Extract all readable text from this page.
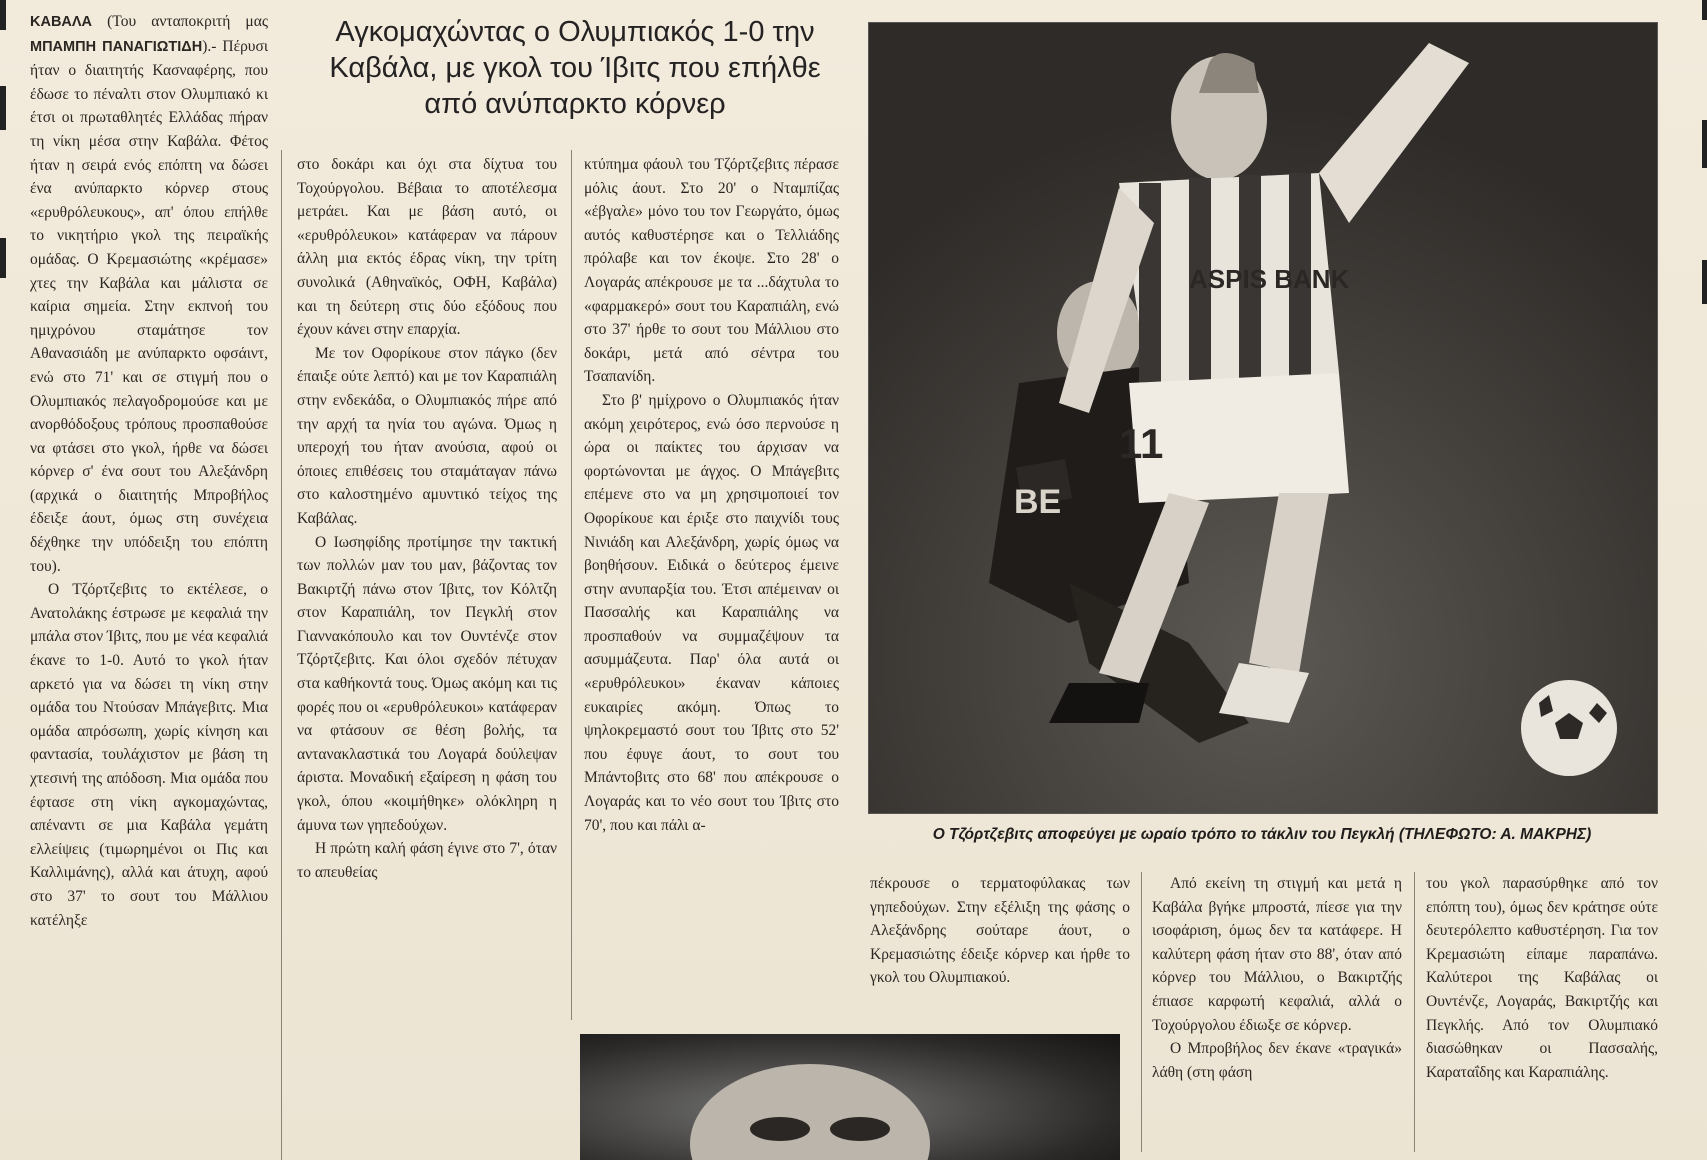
ΚΑΒΑΛΑ (Του ανταποκριτή μας ΜΠΑΜΠΗ ΠΑΝΑΓΙΩΤΙΔΗ).- Πέρυσι ήταν ο διαιτητής Κασναφέρης, που έδωσε το πέναλτι στον Ολυμπιακό κι έτσι οι πρωταθλητές Ελλάδας πήραν τη νίκη μέσα στην Καβάλα. Φέτος ήταν η σειρά ενός επόπτη να δώσει ένα ανύπαρκτο κόρνερ στους «ερυθρόλευκους», απ' όπου επήλθε το νικητήριο γκολ της πειραϊκής ομάδας. Ο Κρεμασιώτης «κρέμασε» χτες την Καβάλα και μάλιστα σε καίρια σημεία. Στην εκπνοή του ημιχρόνου σταμάτησε τον Αθανασιάδη με ανύπαρκτο οφσάιντ, ενώ στο 71' και σε στιγμή που ο Ολυμπιακός πελαγοδρομούσε και με ανορθόδοξους τρόπους προσπαθούσε να φτάσει στο γκολ, ήρθε να δώσει κόρνερ σ' ένα σουτ του Αλεξάνδρη (αρχικά ο διαιτητής Μπροβήλος έδειξε άουτ, όμως στη συνέχεια δέχθηκε την υπόδειξη του επόπτη του).

Ο Τζόρτζεβιτς το εκτέλεσε, ο Ανατολάκης έστρωσε με κεφαλιά την μπάλα στον Ίβιτς, που με νέα κεφαλιά έκανε το 1-0. Αυτό το γκολ ήταν αρκετό για να δώσει τη νίκη στην ομάδα του Ντούσαν Μπάγεβιτς. Μια ομάδα απρόσωπη, χωρίς κίνηση και φαντασία, τουλάχιστον με βάση τη χτεσινή της απόδοση. Μια ομάδα που έφτασε στη νίκη αγκομαχώντας, απέναντι σε μια Καβάλα γεμάτη ελλείψεις (τιμωρημένοι οι Πις και Καλλιμάνης), αλλά και άτυχη, αφού στο 37' το σουτ του Μάλλιου κατέληξε

Αγκομαχώντας ο Ολυμπιακός 1-0 την Καβάλα, με γκολ του Ίβιτς που επήλθε από ανύπαρκτο κόρνερ

στο δοκάρι και όχι στα δίχτυα του Τοχούργολου. Βέβαια το αποτέλεσμα μετράει. Και με βάση αυτό, οι «ερυθρόλευκοι» κατάφεραν να πάρουν άλλη μια εκτός έδρας νίκη, την τρίτη συνολικά (Αθηναϊκός, ΟΦΗ, Καβάλα) και τη δεύτερη στις δύο εξόδους που έχουν κάνει στην επαρχία.

Με τον Οφορίκουε στον πάγκο (δεν έπαιξε ούτε λεπτό) και με τον Καραπιάλη στην ενδεκάδα, ο Ολυμπιακός πήρε από την αρχή τα ηνία του αγώνα. Όμως η υπεροχή του ήταν ανούσια, αφού οι όποιες επιθέσεις του σταμάταγαν πάνω στο καλοστημένο αμυντικό τείχος της Καβάλας.

Ο Ιωσηφίδης προτίμησε την τακτική των πολλών μαν του μαν, βάζοντας τον Βακιρτζή πάνω στον Ίβιτς, τον Κόλτζη στον Καραπιάλη, τον Πεγκλή στον Γιαννακόπουλο και τον Ουντένζε στον Τζόρτζεβιτς. Και όλοι σχεδόν πέτυχαν στα καθήκοντά τους. Όμως ακόμη και τις φορές που οι «ερυθρόλευκοι» κατάφεραν να φτάσουν σε θέση βολής, τα αντανακλαστικά του Λογαρά δούλεψαν άριστα. Μοναδική εξαίρεση η φάση του γκολ, όπου «κοιμήθηκε» ολόκληρη η άμυνα των γηπεδούχων.

Η πρώτη καλή φάση έγινε στο 7', όταν το απευθείας

κτύπημα φάουλ του Τζόρτζεβιτς πέρασε μόλις άουτ. Στο 20' ο Νταμπίζας «έβγαλε» μόνο του τον Γεωργάτο, όμως αυτός καθυστέρησε και ο Τελλιάδης πρόλαβε και τον έκοψε. Στο 28' ο Λογαράς απέκρουσε με τα ...δάχτυλα το «φαρμακερό» σουτ του Καραπιάλη, ενώ στο 37' ήρθε το σουτ του Μάλλιου στο δοκάρι, μετά από σέντρα του Τσαπανίδη.

Στο β' ημίχρονο ο Ολυμπιακός ήταν ακόμη χειρότερος, ενώ όσο περνούσε η ώρα οι παίκτες του άρχισαν να φορτώνονται με άγχος. Ο Μπάγεβιτς επέμενε στο να μη χρησιμοποιεί τον Οφορίκουε και έριξε στο παιχνίδι τους Νινιάδη και Αλεξάνδρη, χωρίς όμως να βοηθήσουν. Ειδικά ο δεύτερος έμεινε στην ανυπαρξία του. Έτσι απέμειναν οι Πασσαλής και Καραπιάλης να προσπαθούν να συμμαζέψουν τα ασυμμάζευτα. Παρ' όλα αυτά οι «ερυθρόλευκοι» έκαναν κάποιες ευκαιρίες ακόμη. Όπως το ψηλοκρεμαστό σουτ του Ίβιτς στο 52' που έφυγε άουτ, το σουτ του Μπάντοβιτς στο 68' που απέκρουσε ο Λογαράς και το νέο σουτ του Ίβιτς στο 70', που και πάλι α-

BE
ASPIS BANK
11
Ο Τζόρτζεβιτς αποφεύγει με ωραίο τρόπο το τάκλιν του Πεγκλή (ΤΗΛΕΦΩΤΟ: Α. ΜΑΚΡΗΣ)

πέκρουσε ο τερματοφύλακας των γηπεδούχων. Στην εξέλιξη της φάσης ο Αλεξάνδρης σούταρε άουτ, ο Κρεμασιώτης έδειξε κόρνερ και ήρθε το γκολ του Ολυμπιακού.

Από εκείνη τη στιγμή και μετά η Καβάλα βγήκε μπροστά, πίεσε για την ισοφάριση, όμως δεν τα κατάφερε. Η καλύτερη φάση ήταν στο 88', όταν από κόρνερ του Μάλλιου, ο Βακιρτζής έπιασε καρφωτή κεφαλιά, αλλά ο Τοχούργολου έδιωξε σε κόρνερ.

Ο Μπροβήλος δεν έκανε «τραγικά» λάθη (στη φάση

του γκολ παρασύρθηκε από τον επόπτη του), όμως δεν κράτησε ούτε δευτερόλεπτο καθυστέρηση. Για τον Κρεμασιώτη είπαμε παραπάνω. Καλύτεροι της Καβάλας οι Ουντένζε, Λογαράς, Βακιρτζής και Πεγκλής. Από τον Ολυμπιακό διασώθηκαν οι Πασσαλής, Καραταΐδης και Καραπιάλης.
